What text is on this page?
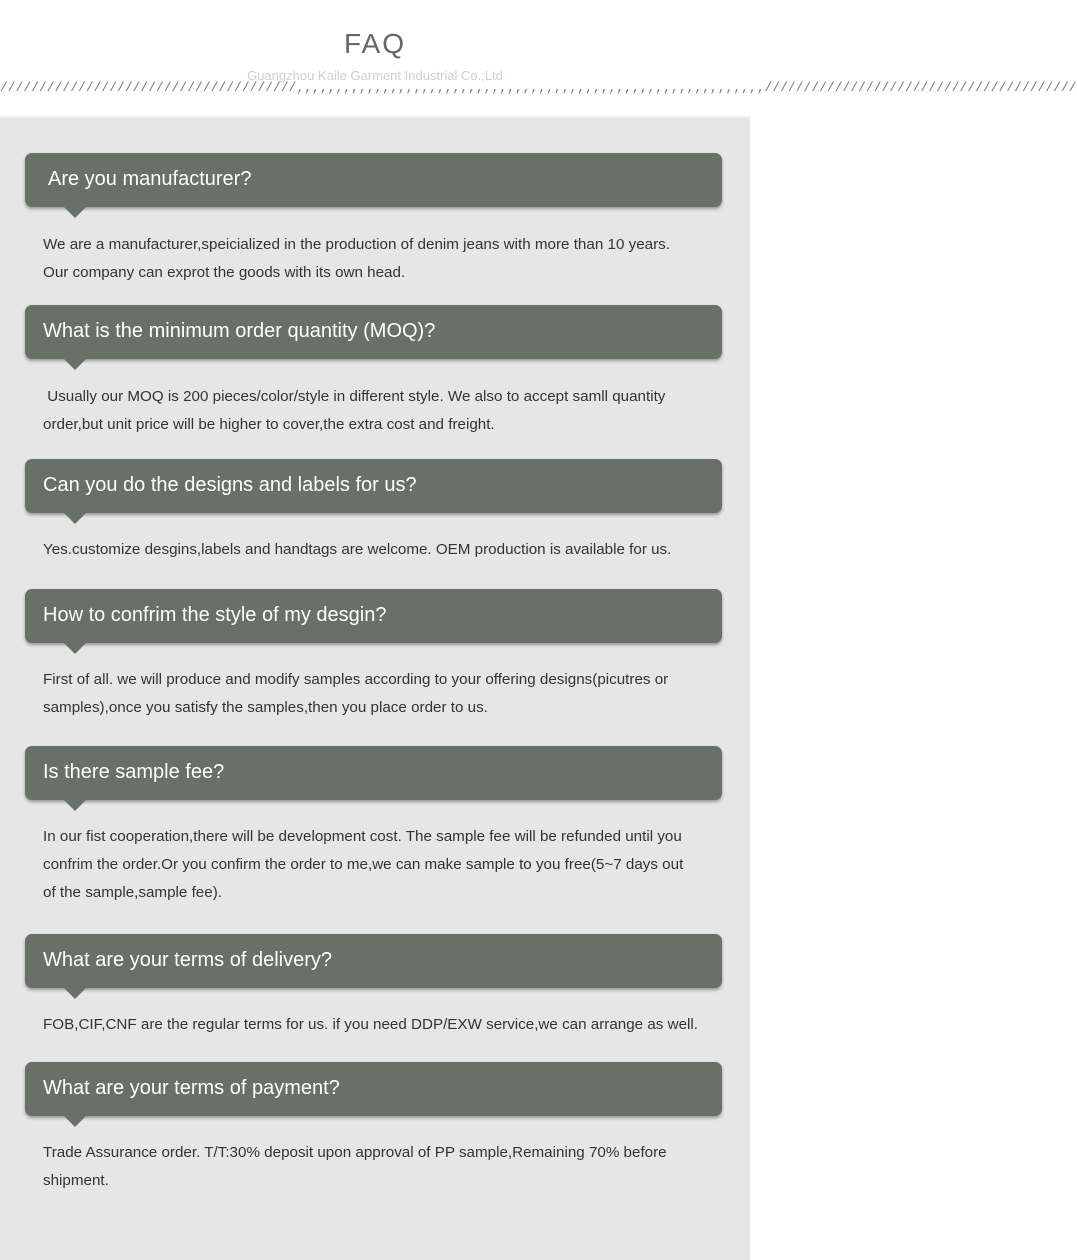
FAQ
Guangzhou Kaile Garment Industrial Co.;Ltd
//////////////////////////////////////,,,,,,,,,,,,,,,,,,,,,,,,,,,,,,,,,,,,,,,,,,,,,,,,,,,,,,,,,,,,////////////////////////////////////////
Are you manufacturer?
We are a manufacturer,speicialized in the production of denim jeans with more than 10 years.
Our company can exprot the goods with its own head.
What is the minimum order quantity (MOQ)?
Usually our MOQ is 200 pieces/color/style in different style. We also to accept samll quantity
order,but unit price will be higher to cover,the extra cost and freight.
Can you do the designs and labels for us?
Yes.customize desgins,labels and handtags are welcome. OEM production is available for us.
How to confrim the style of my desgin?
First of all. we will produce and modify samples according to your offering designs(picutres or
samples),once you satisfy the samples,then you place order to us.
Is there sample fee?
In our fist cooperation,there will be development cost. The sample fee will be refunded until you
confrim the order.Or you confirm the order to me,we can make sample to you free(5~7 days out
of the sample,sample fee).
What are your terms of delivery?
FOB,CIF,CNF are the regular terms for us. if you need DDP/EXW service,we can arrange as well.
What are your terms of payment?
Trade Assurance order. T/T:30% deposit upon approval of PP sample,Remaining 70% before
shipment.
